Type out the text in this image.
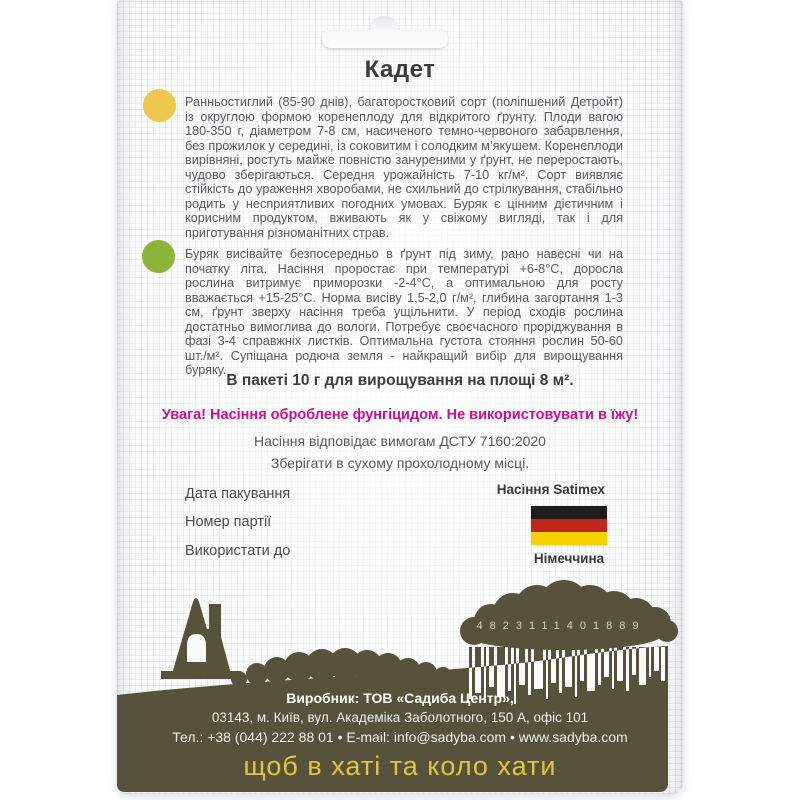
Кадет
Ранньостиглий (85-90 днів), багаторостковий сорт (поліпшений Детройт) із округлою формою коренеплоду для відкритого ґрунту. Плоди вагою 180-350 г, діаметром 7-8 см, насиченого темно-червоного забарвлення, без прожилок у середині, із соковитим і солодким м’якушем. Коренеплоди вирівняні, ростуть майже повністю зануреними у ґрунт, не переростають, чудово зберігаються. Середня урожайність 7-10 кг/м². Сорт виявляє стійкість до ураження хворобами, не схильний до стрілкування, стабільно родить у несприятливих погодних умовах. Буряк є цінним дієтичним і корисним продуктом, вживають як у свіжому вигляді, так і для приготування різноманітних страв.
Буряк висівайте безпосередньо в ґрунт під зиму, рано навесні чи на початку літа. Насіння проростає при температурі +6-8°С, доросла рослина витримує приморозки -2-4°С, а оптимальною для росту вважається +15-25°С. Норма висіву 1,5-2,0 г/м², глибина загортання 1-3 см, ґрунт зверху насіння треба ущільнити. У період сходів рослина достатньо вимоглива до вологи. Потребує своєчасного проріджування в фазі 3-4 справжніх листків. Оптимальна густота стояння рослин 50-60 шт./м². Супіщана родюча земля - найкращий вибір для вирощування буряку.
В пакеті 10 г для вирощування на площі 8 м².
Увага! Насіння оброблене фунгіцидом. Не використовувати в їжу!
Насіння відповідає вимогам ДСТУ 7160:2020
Зберігати в сухому прохолодному місці.
Дата пакування
Номер партії
Використати до
Насіння Satimex
Німеччина
4823111401889
Виробник: ТОВ «Садиба Центр»,
03143, м. Київ, вул. Академіка Заболотного, 150 А, офіс 101
Тел.: +38 (044) 222 88 01 • E-mail: info@sadyba.com • www.sadyba.com
щоб в хаті та коло хати
